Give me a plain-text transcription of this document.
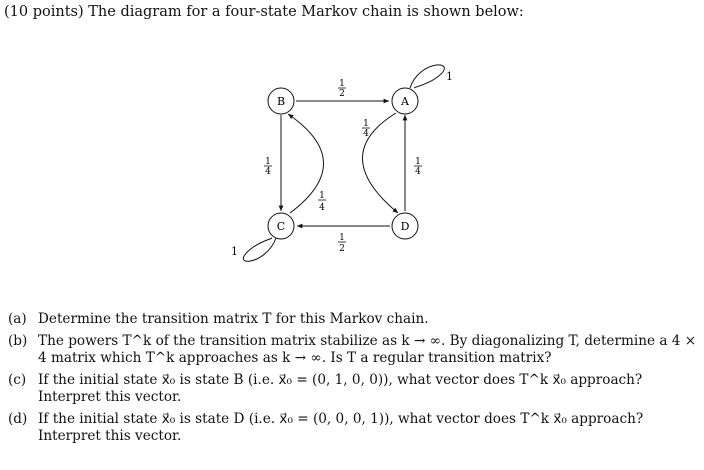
(10 points) The diagram for a four-state Markov chain is shown below:
B	A
C	D
1
1
1
2
1
4
1
4
1
4
1
4
1
2
(a) Determine the transition matrix T for this Markov chain.
(b) The powers T^k of the transition matrix stabilize as k → ∞. By diagonalizing T, determine a 4 × 4 matrix which T^k approaches as k → ∞. Is T a regular transition matrix?
(c) If the initial state x⃗₀ is state B (i.e. x⃗₀ = (0, 1, 0, 0)), what vector does T^k x⃗₀ approach? Interpret this vector.
(d) If the initial state x⃗₀ is state D (i.e. x⃗₀ = (0, 0, 0, 1)), what vector does T^k x⃗₀ approach? Interpret this vector.
